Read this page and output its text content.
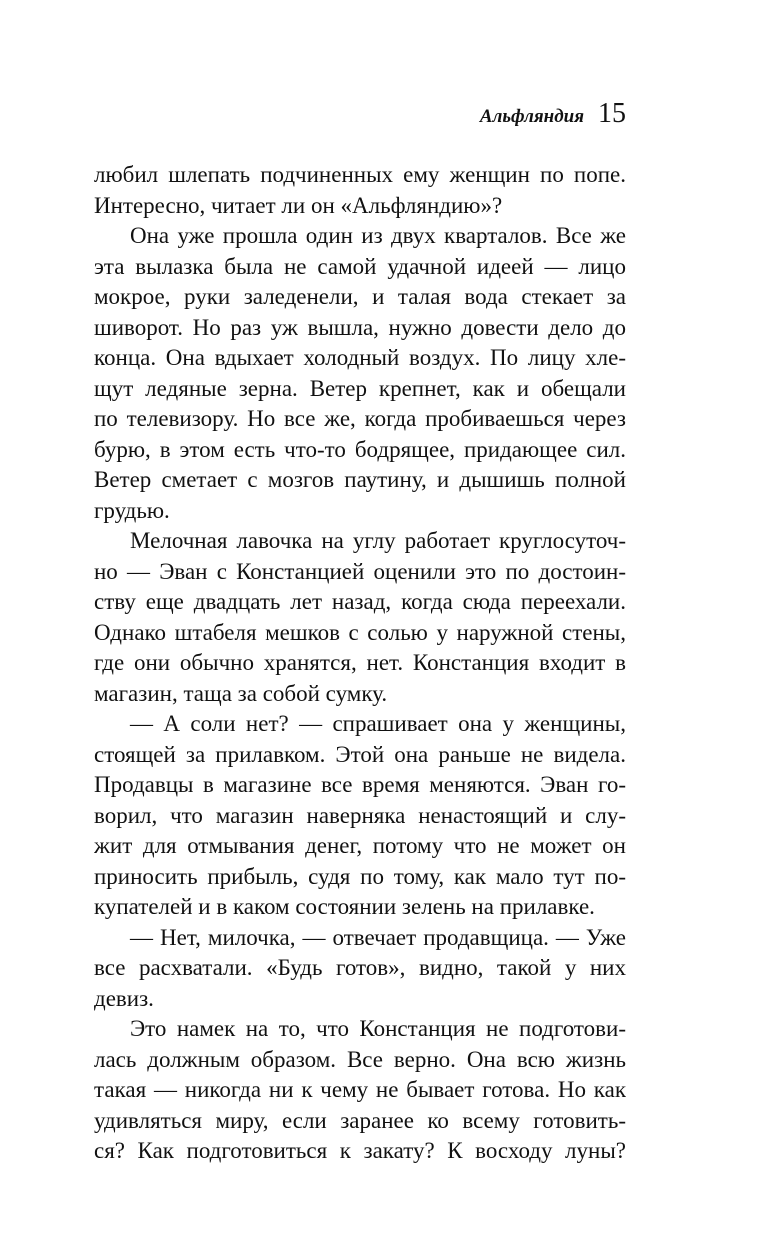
Альфляндия 15
любил шлепать подчиненных ему женщин по попе.
Интересно, читает ли он «Альфляндию»?
Она уже прошла один из двух кварталов. Все же
эта вылазка была не самой удачной идеей — лицо
мокрое, руки заледенели, и талая вода стекает за
шиворот. Но раз уж вышла, нужно довести дело до
конца. Она вдыхает холодный воздух. По лицу хле-
щут ледяные зерна. Ветер крепнет, как и обещали
по телевизору. Но все же, когда пробиваешься через
бурю, в этом есть что-то бодрящее, придающее сил.
Ветер сметает с мозгов паутину, и дышишь полной
грудью.
Мелочная лавочка на углу работает круглосуточ-
но — Эван с Констанцией оценили это по достоин-
ству еще двадцать лет назад, когда сюда переехали.
Однако штабеля мешков с солью у наружной стены,
где они обычно хранятся, нет. Констанция входит в
магазин, таща за собой сумку.
— А соли нет? — спрашивает она у женщины,
стоящей за прилавком. Этой она раньше не видела.
Продавцы в магазине все время меняются. Эван го-
ворил, что магазин наверняка ненастоящий и слу-
жит для отмывания денег, потому что не может он
приносить прибыль, судя по тому, как мало тут по-
купателей и в каком состоянии зелень на прилавке.
— Нет, милочка, — отвечает продавщица. — Уже
все расхватали. «Будь готов», видно, такой у них
девиз.
Это намек на то, что Констанция не подготови-
лась должным образом. Все верно. Она всю жизнь
такая — никогда ни к чему не бывает готова. Но как
удивляться миру, если заранее ко всему готовить-
ся? Как подготовиться к закату? К восходу луны?
